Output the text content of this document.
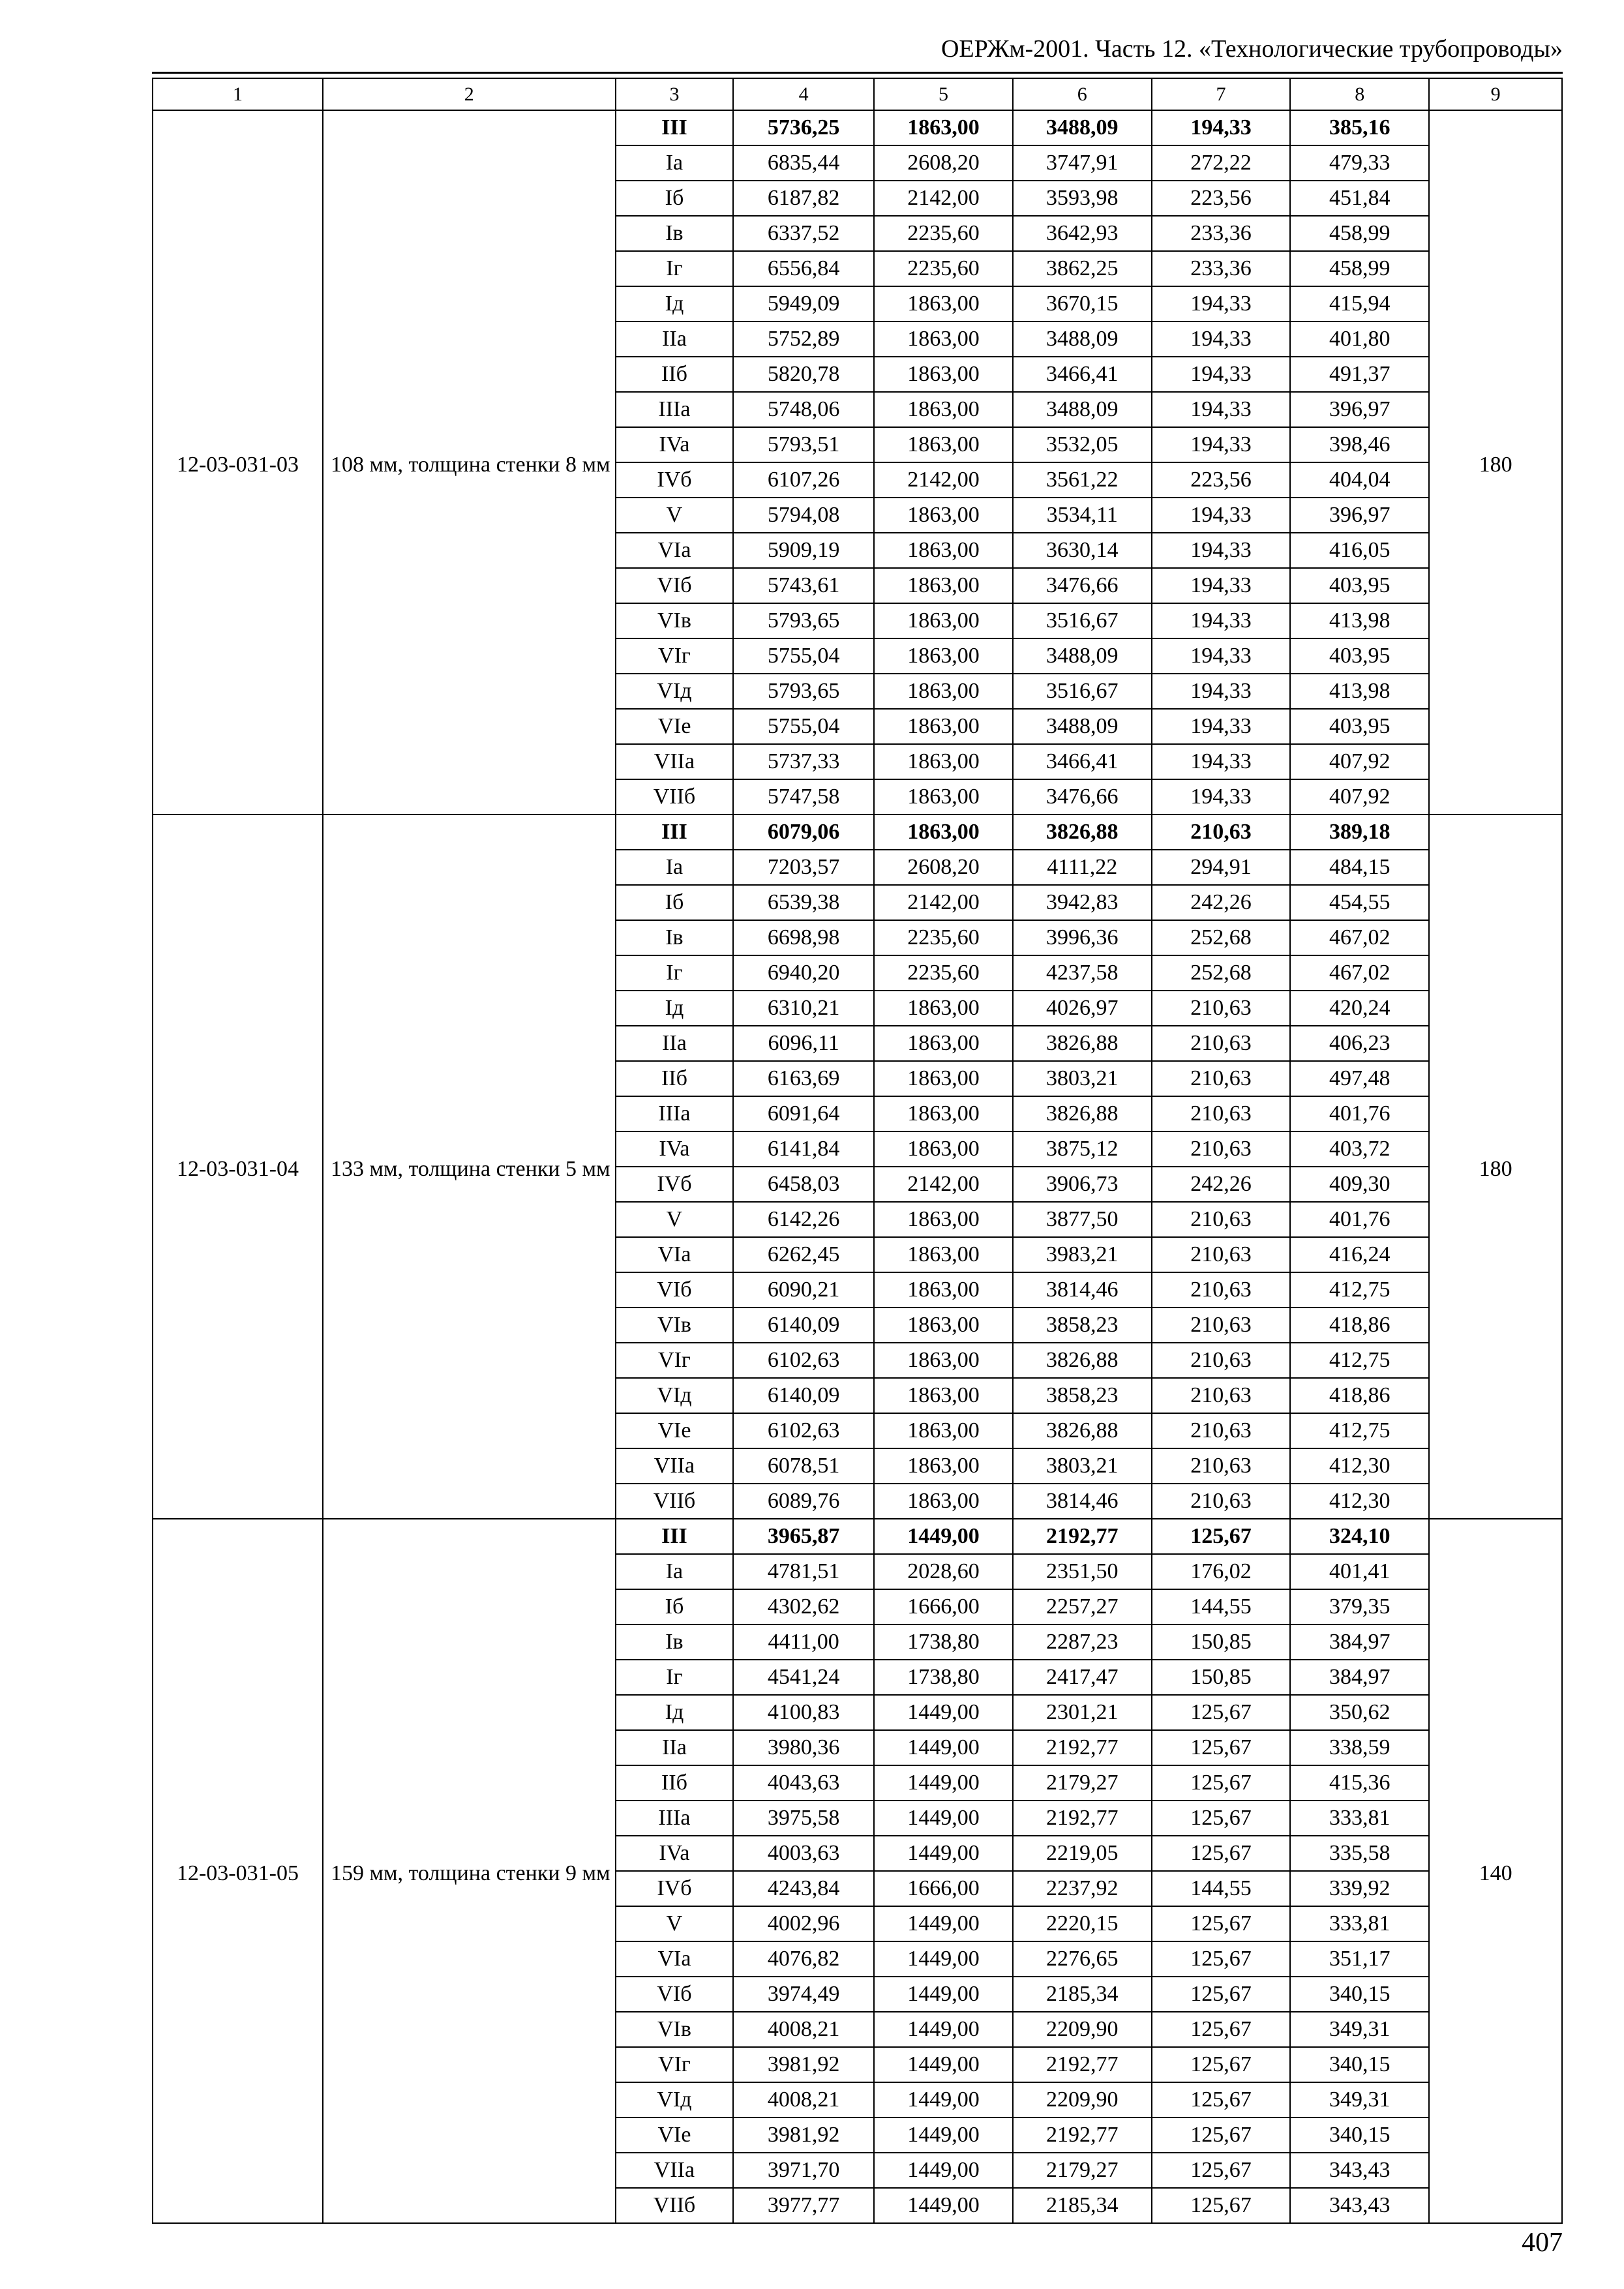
ОЕРЖм-2001. Часть 12. «Технологические трубопроводы»
1	2	3	4	5	6	7	8	9
12-03-031-03	108 мм, толщина стенки 8 мм	III	5736,25	1863,00	3488,09	194,33	385,16	180
		Ia	6835,44	2608,20	3747,91	272,22	479,33	
		Iб	6187,82	2142,00	3593,98	223,56	451,84	
		Iв	6337,52	2235,60	3642,93	233,36	458,99	
		Iг	6556,84	2235,60	3862,25	233,36	458,99	
		Iд	5949,09	1863,00	3670,15	194,33	415,94	
		IIa	5752,89	1863,00	3488,09	194,33	401,80	
		IIб	5820,78	1863,00	3466,41	194,33	491,37	
		IIIa	5748,06	1863,00	3488,09	194,33	396,97	
		IVa	5793,51	1863,00	3532,05	194,33	398,46	
		IVб	6107,26	2142,00	3561,22	223,56	404,04	
		V	5794,08	1863,00	3534,11	194,33	396,97	
		VIa	5909,19	1863,00	3630,14	194,33	416,05	
		VIб	5743,61	1863,00	3476,66	194,33	403,95	
		VIв	5793,65	1863,00	3516,67	194,33	413,98	
		VIг	5755,04	1863,00	3488,09	194,33	403,95	
		VIд	5793,65	1863,00	3516,67	194,33	413,98	
		VIe	5755,04	1863,00	3488,09	194,33	403,95	
		VIIa	5737,33	1863,00	3466,41	194,33	407,92	
		VIIб	5747,58	1863,00	3476,66	194,33	407,92	
12-03-031-04	133 мм, толщина стенки 5 мм	III	6079,06	1863,00	3826,88	210,63	389,18	180
		Ia	7203,57	2608,20	4111,22	294,91	484,15	
		Iб	6539,38	2142,00	3942,83	242,26	454,55	
		Iв	6698,98	2235,60	3996,36	252,68	467,02	
		Iг	6940,20	2235,60	4237,58	252,68	467,02	
		Iд	6310,21	1863,00	4026,97	210,63	420,24	
		IIa	6096,11	1863,00	3826,88	210,63	406,23	
		IIб	6163,69	1863,00	3803,21	210,63	497,48	
		IIIa	6091,64	1863,00	3826,88	210,63	401,76	
		IVa	6141,84	1863,00	3875,12	210,63	403,72	
		IVб	6458,03	2142,00	3906,73	242,26	409,30	
		V	6142,26	1863,00	3877,50	210,63	401,76	
		VIa	6262,45	1863,00	3983,21	210,63	416,24	
		VIб	6090,21	1863,00	3814,46	210,63	412,75	
		VIв	6140,09	1863,00	3858,23	210,63	418,86	
		VIг	6102,63	1863,00	3826,88	210,63	412,75	
		VIд	6140,09	1863,00	3858,23	210,63	418,86	
		VIe	6102,63	1863,00	3826,88	210,63	412,75	
		VIIa	6078,51	1863,00	3803,21	210,63	412,30	
		VIIб	6089,76	1863,00	3814,46	210,63	412,30	
12-03-031-05	159 мм, толщина стенки 9 мм	III	3965,87	1449,00	2192,77	125,67	324,10	140
		Ia	4781,51	2028,60	2351,50	176,02	401,41	
		Iб	4302,62	1666,00	2257,27	144,55	379,35	
		Iв	4411,00	1738,80	2287,23	150,85	384,97	
		Iг	4541,24	1738,80	2417,47	150,85	384,97	
		Iд	4100,83	1449,00	2301,21	125,67	350,62	
		IIa	3980,36	1449,00	2192,77	125,67	338,59	
		IIб	4043,63	1449,00	2179,27	125,67	415,36	
		IIIa	3975,58	1449,00	2192,77	125,67	333,81	
		IVa	4003,63	1449,00	2219,05	125,67	335,58	
		IVб	4243,84	1666,00	2237,92	144,55	339,92	
		V	4002,96	1449,00	2220,15	125,67	333,81	
		VIa	4076,82	1449,00	2276,65	125,67	351,17	
		VIб	3974,49	1449,00	2185,34	125,67	340,15	
		VIв	4008,21	1449,00	2209,90	125,67	349,31	
		VIг	3981,92	1449,00	2192,77	125,67	340,15	
		VIд	4008,21	1449,00	2209,90	125,67	349,31	
		VIe	3981,92	1449,00	2192,77	125,67	340,15	
		VIIa	3971,70	1449,00	2179,27	125,67	343,43	
		VIIб	3977,77	1449,00	2185,34	125,67	343,43	
407
